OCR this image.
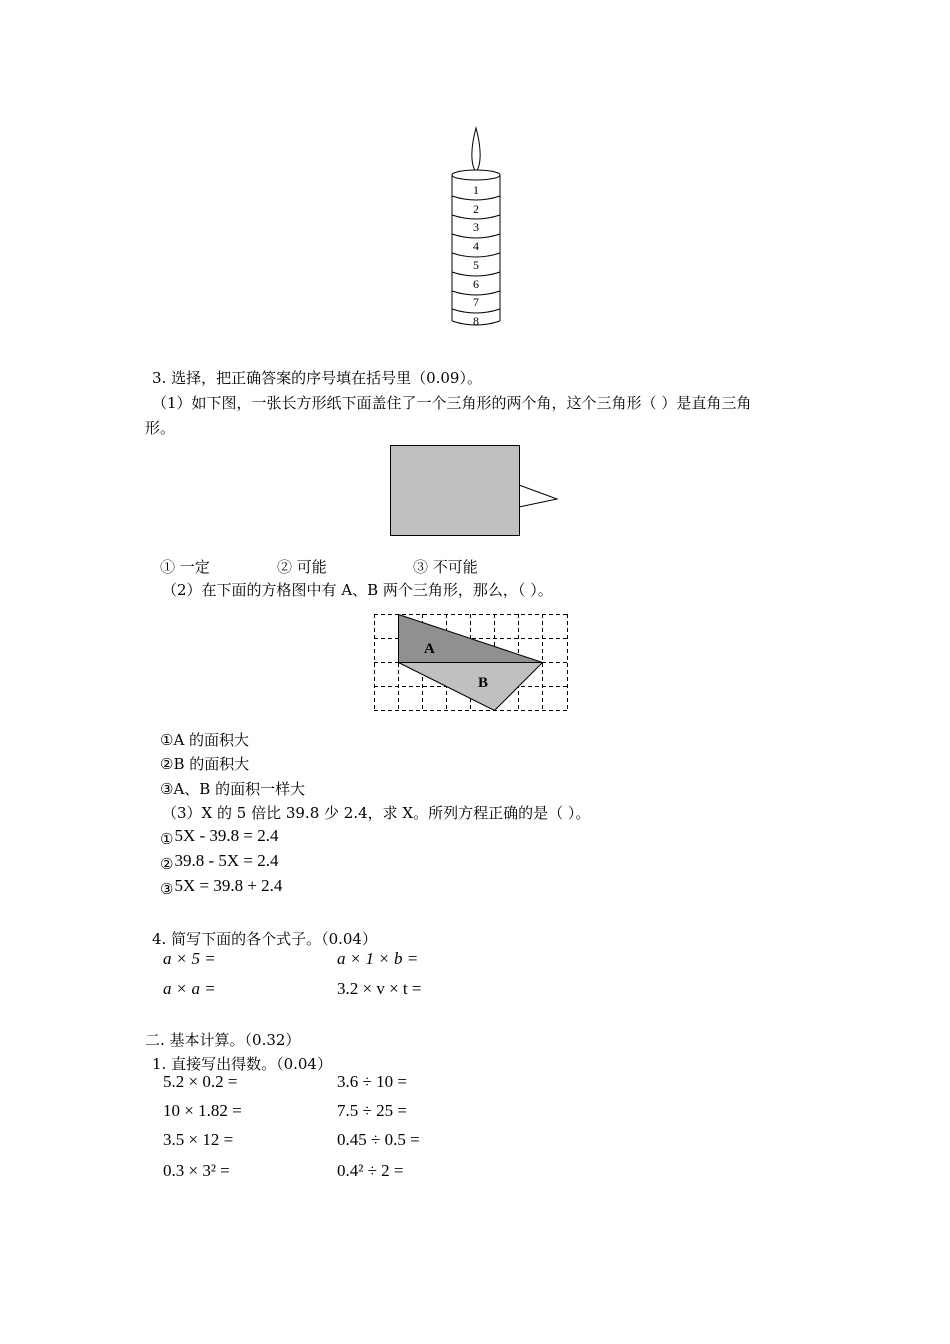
1
2
3
4
5
6
7
8
3. 选择，把正确答案的序号填在括号里（0.09）。
（1）如下图，一张长方形纸下面盖住了一个三角形的两个角，这个三角形（ ）是直角三角
形。
① 一定	② 可能	③ 不可能
（2）在下面的方格图中有 A、B 两个三角形，那么，（ ）。
A
B
①A 的面积大
②B 的面积大
③A、B 的面积一样大
（3）X 的 5 倍比 39.8 少 2.4，求 X。所列方程正确的是（ ）。
①5X - 39.8 = 2.4
②39.8 - 5X = 2.4
③5X = 39.8 + 2.4
4. 简写下面的各个式子。（0.04）
a × 5 =	a × 1 × b =
a × a =	3.2 × v × t =
二. 基本计算。（0.32）
1. 直接写出得数。（0.04）
5.2 × 0.2 =	3.6 ÷ 10 =
10 × 1.82 =	7.5 ÷ 25 =
3.5 × 12 =	0.45 ÷ 0.5 =
0.3 × 3² =	0.4² ÷ 2 =
